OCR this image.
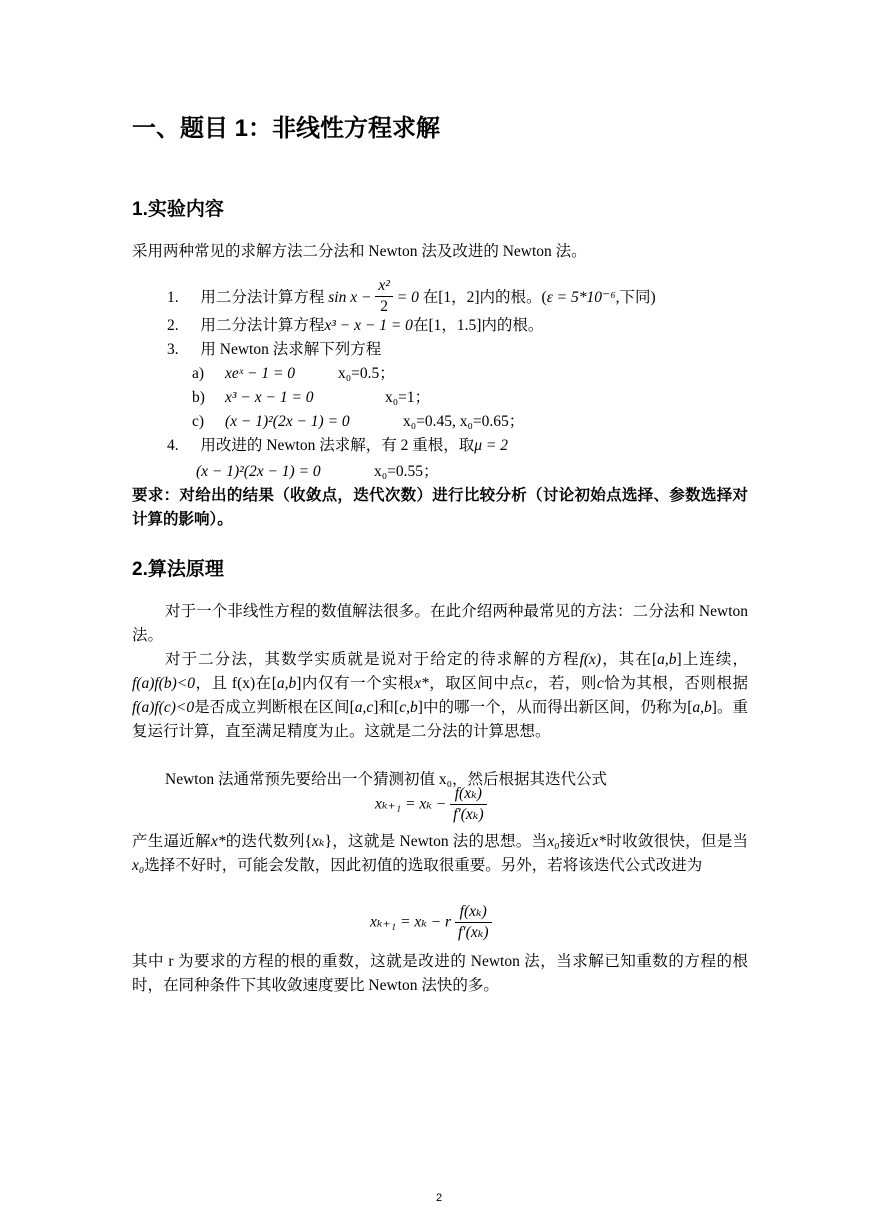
一、题目 1：非线性方程求解
1.实验内容
采用两种常见的求解方法二分法和 Newton 法及改进的 Newton 法。
1. 用二分法计算方程 $\sin x - \frac{\text{x²}}{2} = 0$ 在[1，2]内的根。(ε = 5*10⁻⁶,下同)
2. 用二分法计算方程x³ − x − 1 = 0在[1，1.5]内的根。
3. 用 Newton 法求解下列方程
a) xeˣ − 1 = 0	x₀=0.5；
b) x³ − x − 1 = 0	x₀=1；
c) (x − 1)²(2x − 1) = 0	x₀=0.45, x₀=0.65；
4. 用改进的 Newton 法求解，有 2 重根，取μ = 2
(x − 1)²(2x − 1) = 0	x₀=0.55；
要求：对给出的结果（收敛点，迭代次数）进行比较分析（讨论初始点选择、参数选择对计算的影响）。
2.算法原理
对于一个非线性方程的数值解法很多。在此介绍两种最常见的方法：二分法和 Newton 法。
对于二分法，其数学实质就是说对于给定的待求解的方程f(x)，其在[a,b]上连续，f(a)f(b)<0，且 f(x)在[a,b]内仅有一个实根x*，取区间中点c，若，则c恰为其根，否则根据f(a)f(c)<0是否成立判断根在区间[a,c]和[c,b]中的哪一个，从而得出新区间，仍称为[a,b]。重复运行计算，直至满足精度为止。这就是二分法的计算思想。
Newton 法通常预先要给出一个猜测初值 x₀，然后根据其迭代公式
$x_{k+1} = x_k - \frac{\text{f(xₖ)}}{\text{f′(xₖ)}}$
产生逼近解x*的迭代数列{xₖ}，这就是 Newton 法的思想。当x₀接近x*时收敛很快，但是当x₀选择不好时，可能会发散，因此初值的选取很重要。另外，若将该迭代公式改进为
xₖ₊₁ = xₖ − r $\frac{\text{f(xₖ)}}{\text{f′(xₖ)}}$
其中 r 为要求的方程的根的重数，这就是改进的 Newton 法，当求解已知重数的方程的根时，在同种条件下其收敛速度要比 Newton 法快的多。
2
